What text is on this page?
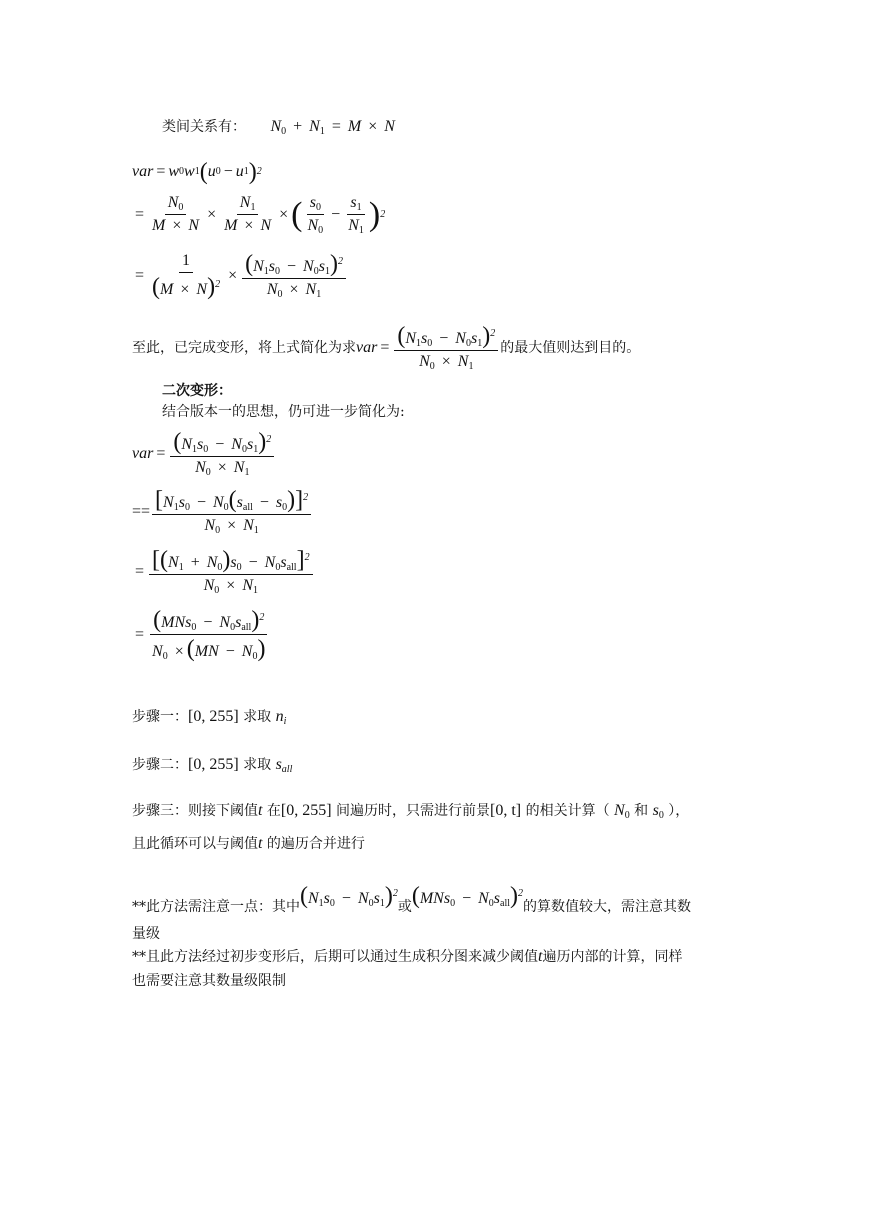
类间关系有： $N_0 + N_1 = M \times N$
var = w 0 w 1 ( u 0 − u 1 ) 2
= $\frac{N_0}{M \times N} \times \frac{N_1}{M \times N}$ × ( $\frac{s_0}{N_0} - \frac{s_1}{N_1}$ ) 2
= $\frac{1}{(M \times N)^2} \times \frac{(N_1s_0 - N_0s_1)^2}{N_0 \times N_1}$
至此，已完成变形，将上式简化为求 var = $\frac{(N_1s_0 - N_0s_1)^2}{N_0 \times N_1}$ 的最大值则达到目的。
二次变形：
结合版本一的思想，仍可进一步简化为:
var = $\frac{(N_1s_0 - N_0s_1)^2}{N_0 \times N_1}$
== $\frac{[N_1s_0 - N_0(s_{all} - s_0)]^2}{N_0 \times N_1}$
= $\frac{[(N_1 + N_0)s_0 - N_0s_{all}]^2}{N_0 \times N_1}$
= $\frac{(MNs_0 - N_0s_{all})^2}{N_0 \times (MN - N_0)}$
步骤一：[0, 255] 求取 $n_i$
步骤二：[0, 255] 求取 $s_{all}$
步骤三：则接下阈值t 在[0, 255] 间遍历时，只需进行前景[0, t] 的相关计算（ $N_0$ 和 $s_0$ ），
且此循环可以与阈值t 的遍历合并进行
**此方法需注意一点：其中 $(N_1s_0 - N_0s_1)^2$
或 $(MNs_0 - N_0s_{all})^2$
的算数值较大，需注意其数
量级
**且此方法经过初步变形后，后期可以通过生成积分图来减少阈值t遍历内部的计算，同样
也需要注意其数量级限制
